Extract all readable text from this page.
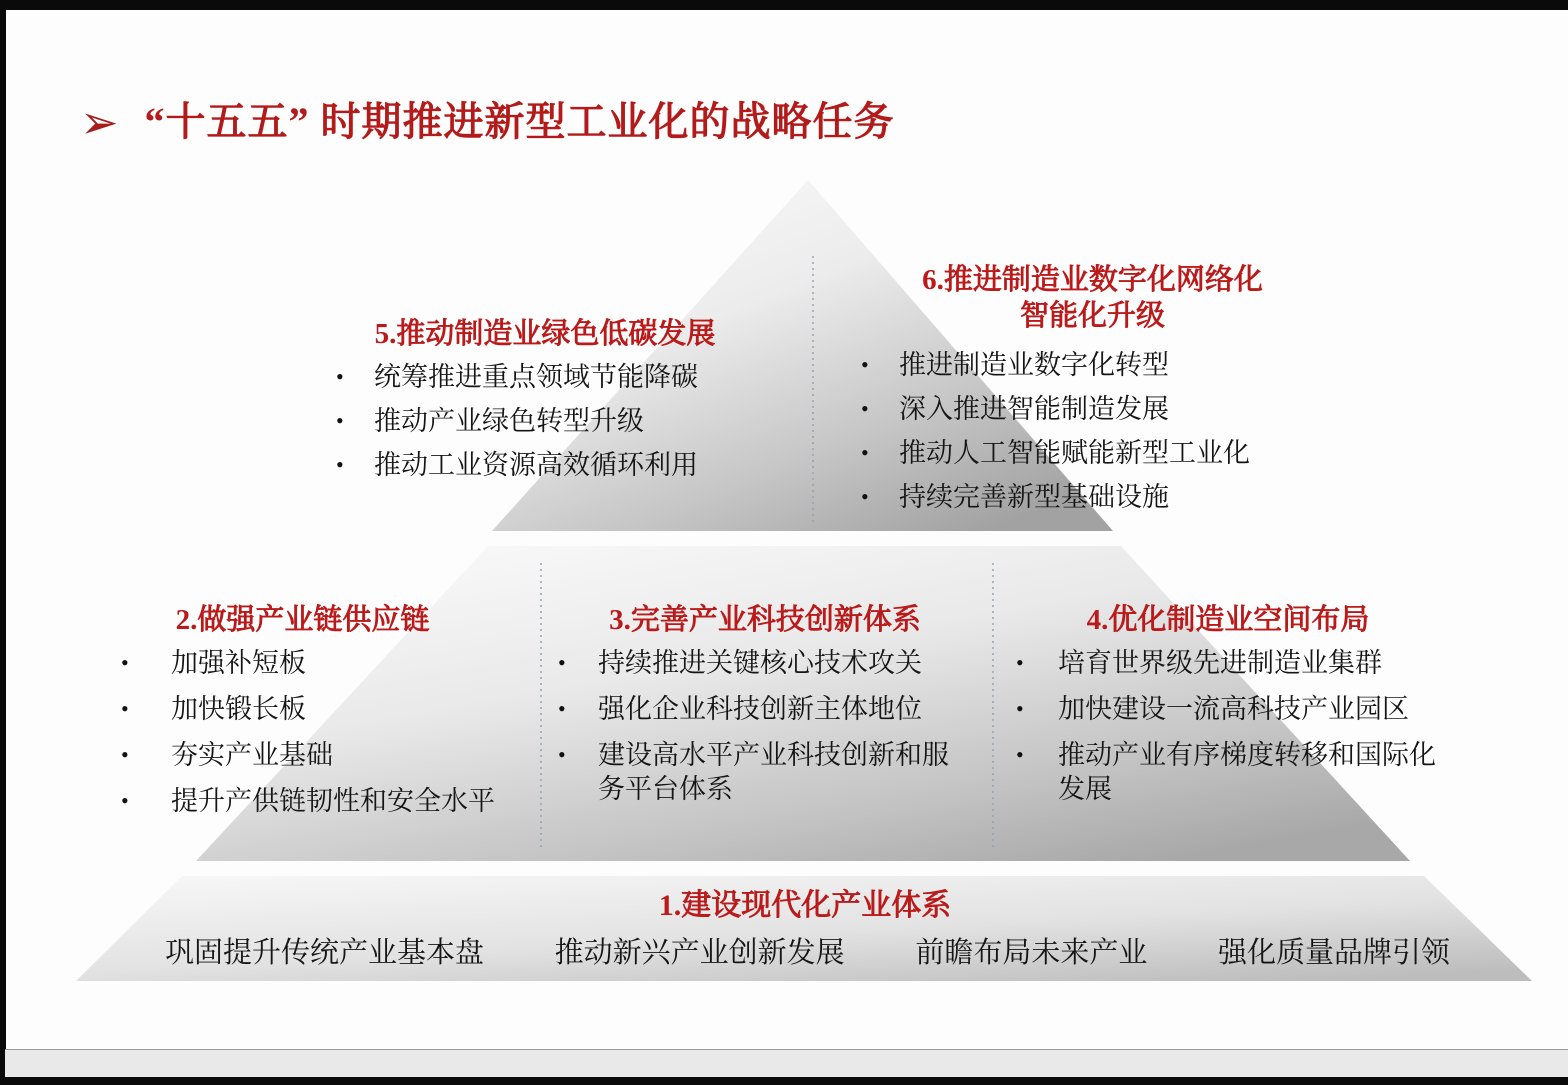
➢ “十五五” 时期推进新型工业化的战略任务
5.推动制造业绿色低碳发展
•	统筹推进重点领域节能降碳
•	推动产业绿色转型升级
•	推动工业资源高效循环利用
6.推进制造业数字化网络化
智能化升级
•	推进制造业数字化转型
•	深入推进智能制造发展
•	推动人工智能赋能新型工业化
•	持续完善新型基础设施
2.做强产业链供应链
•	加强补短板
•	加快锻长板
•	夯实产业基础
•	提升产供链韧性和安全水平
3.完善产业科技创新体系
•	持续推进关键核心技术攻关
•	强化企业科技创新主体地位
•	建设高水平产业科技创新和服务平台体系
4.优化制造业空间布局
•	培育世界级先进制造业集群
•	加快建设一流高科技产业园区
•	推动产业有序梯度转移和国际化发展
1.建设现代化产业体系
巩固提升传统产业基本盘 推动新兴产业创新发展 前瞻布局未来产业 强化质量品牌引领
